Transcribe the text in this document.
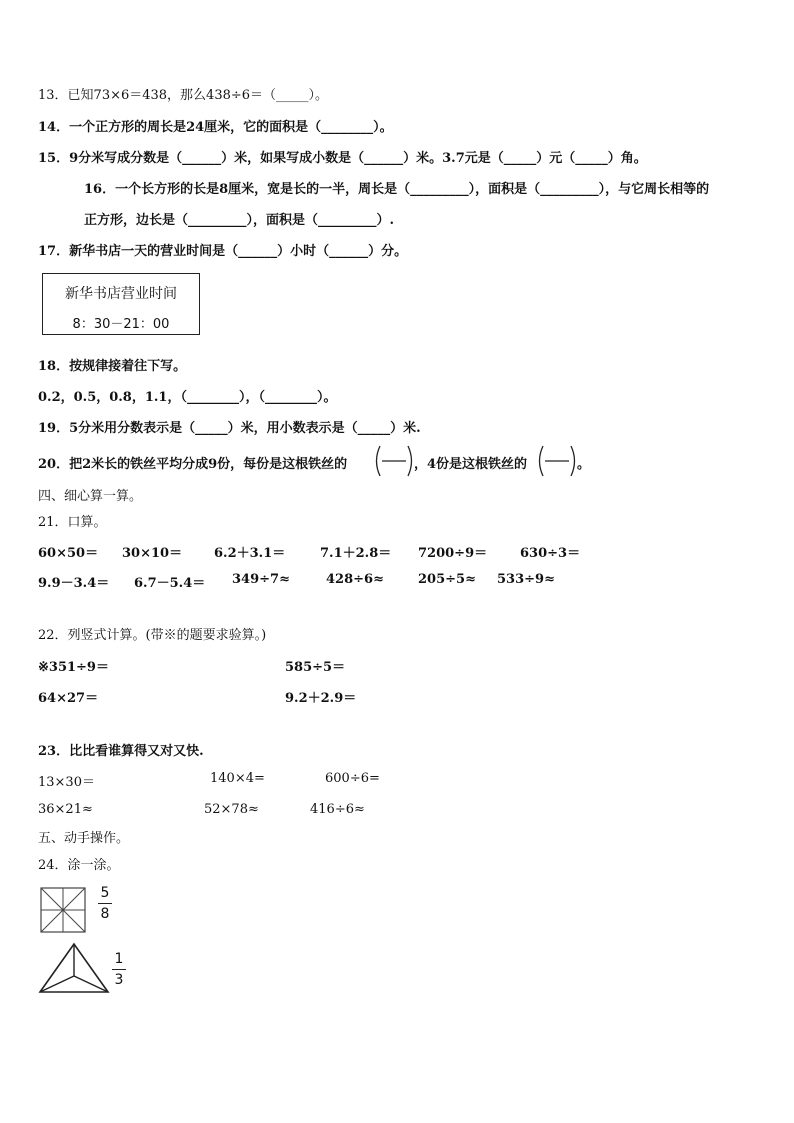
13．已知73×6＝438，那么438÷6＝（_____）。
14．一个正方形的周长是24厘米，它的面积是（________）。
15．9分米写成分数是（______）米，如果写成小数是（______）米。3.7元是（_____）元（_____）角。
16．一个长方形的长是8厘米，宽是长的一半，周长是（_________），面积是（_________），与它周长相等的
正方形，边长是（_________），面积是（_________）.
17．新华书店一天的营业时间是（______）小时（______）分。
新华书店营业时间
8：30－21：00
18．按规律接着往下写。
0.2，0.5，0.8，1.1，（________），（________）。
19．5分米用分数表示是（_____）米，用小数表示是（_____）米.
20．把2米长的铁丝平均分成9份，每份是这根铁丝的	，4份是这根铁丝的	。
四、细心算一算。
21．口算。
60×50＝ 30×10＝ 6.2＋3.1＝	7.1＋2.8＝ 7200÷9＝	630÷3＝
9.9－3.4＝ 6.7－5.4＝ 349÷7≈	428÷6≈	205÷5≈ 533÷9≈
22．列竖式计算。(带※的题要求验算。)
※351÷9＝	585÷5＝
64×27＝	9.2＋2.9＝
23．比比看谁算得又对又快.
13×30＝	140×4=	600÷6=
36×21≈	52×78≈	416÷6≈
五、动手操作。
24．涂一涂。
5
8
1
3
